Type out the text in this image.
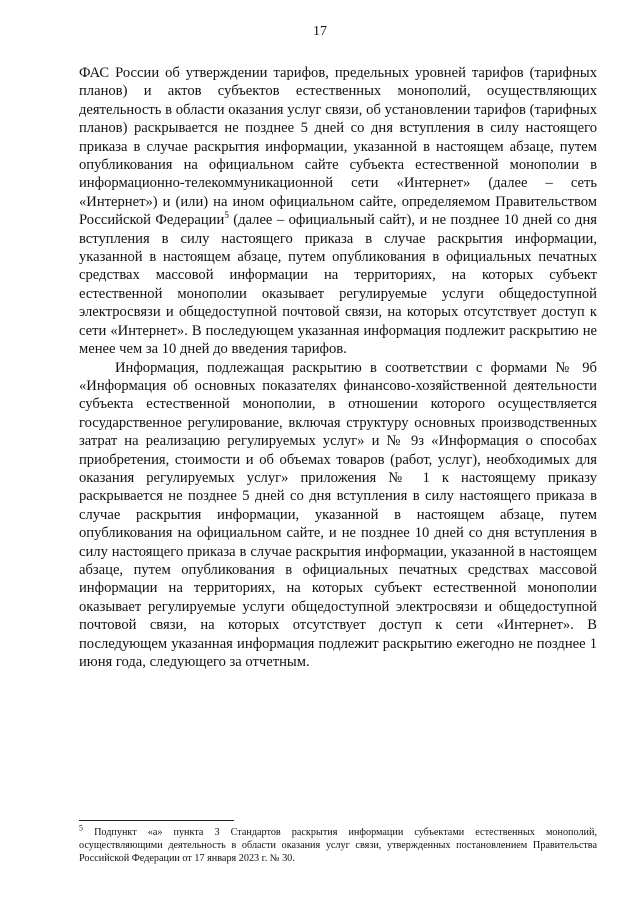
17

ФАС России об утверждении тарифов, предельных уровней тарифов (тарифных планов) и актов субъектов естественных монополий, осуществляющих деятельность в области оказания услуг связи, об установлении тарифов (тарифных планов) раскрывается не позднее 5 дней со дня вступления в силу настоящего приказа в случае раскрытия информации, указанной в настоящем абзаце, путем опубликования на официальном сайте субъекта естественной монополии в информационно-телекоммуникационной сети «Интернет» (далее – сеть «Интернет») и (или) на ином официальном сайте, определяемом Правительством Российской Федерации$^5$ (далее – официальный сайт), и не позднее 10 дней со дня вступления в силу настоящего приказа в случае раскрытия информации, указанной в настоящем абзаце, путем опубликования в официальных печатных средствах массовой информации на территориях, на которых субъект естественной монополии оказывает регулируемые услуги общедоступной электросвязи и общедоступной почтовой связи, на которых отсутствует доступ к сети «Интернет». В последующем указанная информация подлежит раскрытию не менее чем за 10 дней до введения тарифов.

Информация, подлежащая раскрытию в соответствии с формами № 9б «Информация об основных показателях финансово-хозяйственной деятельности субъекта естественной монополии, в отношении которого осуществляется государственное регулирование, включая структуру основных производственных затрат на реализацию регулируемых услуг» и № 9з «Информация о способах приобретения, стоимости и об объемах товаров (работ, услуг), необходимых для оказания регулируемых услуг» приложения № 1 к настоящему приказу раскрывается не позднее 5 дней со дня вступления в силу настоящего приказа в случае раскрытия информации, указанной в настоящем абзаце, путем опубликования на официальном сайте, и не позднее 10 дней со дня вступления в силу настоящего приказа в случае раскрытия информации, указанной в настоящем абзаце, путем опубликования в официальных печатных средствах массовой информации на территориях, на которых субъект естественной монополии оказывает регулируемые услуги общедоступной электросвязи и общедоступной почтовой связи, на которых отсутствует доступ к сети «Интернет». В последующем указанная информация подлежит раскрытию ежегодно не позднее 1 июня года, следующего за отчетным.

$^5$ Подпункт «а» пункта 3 Стандартов раскрытия информации субъектами естественных монополий, осуществляющими деятельность в области оказания услуг связи, утвержденных постановлением Правительства Российской Федерации от 17 января 2023 г. № 30.
